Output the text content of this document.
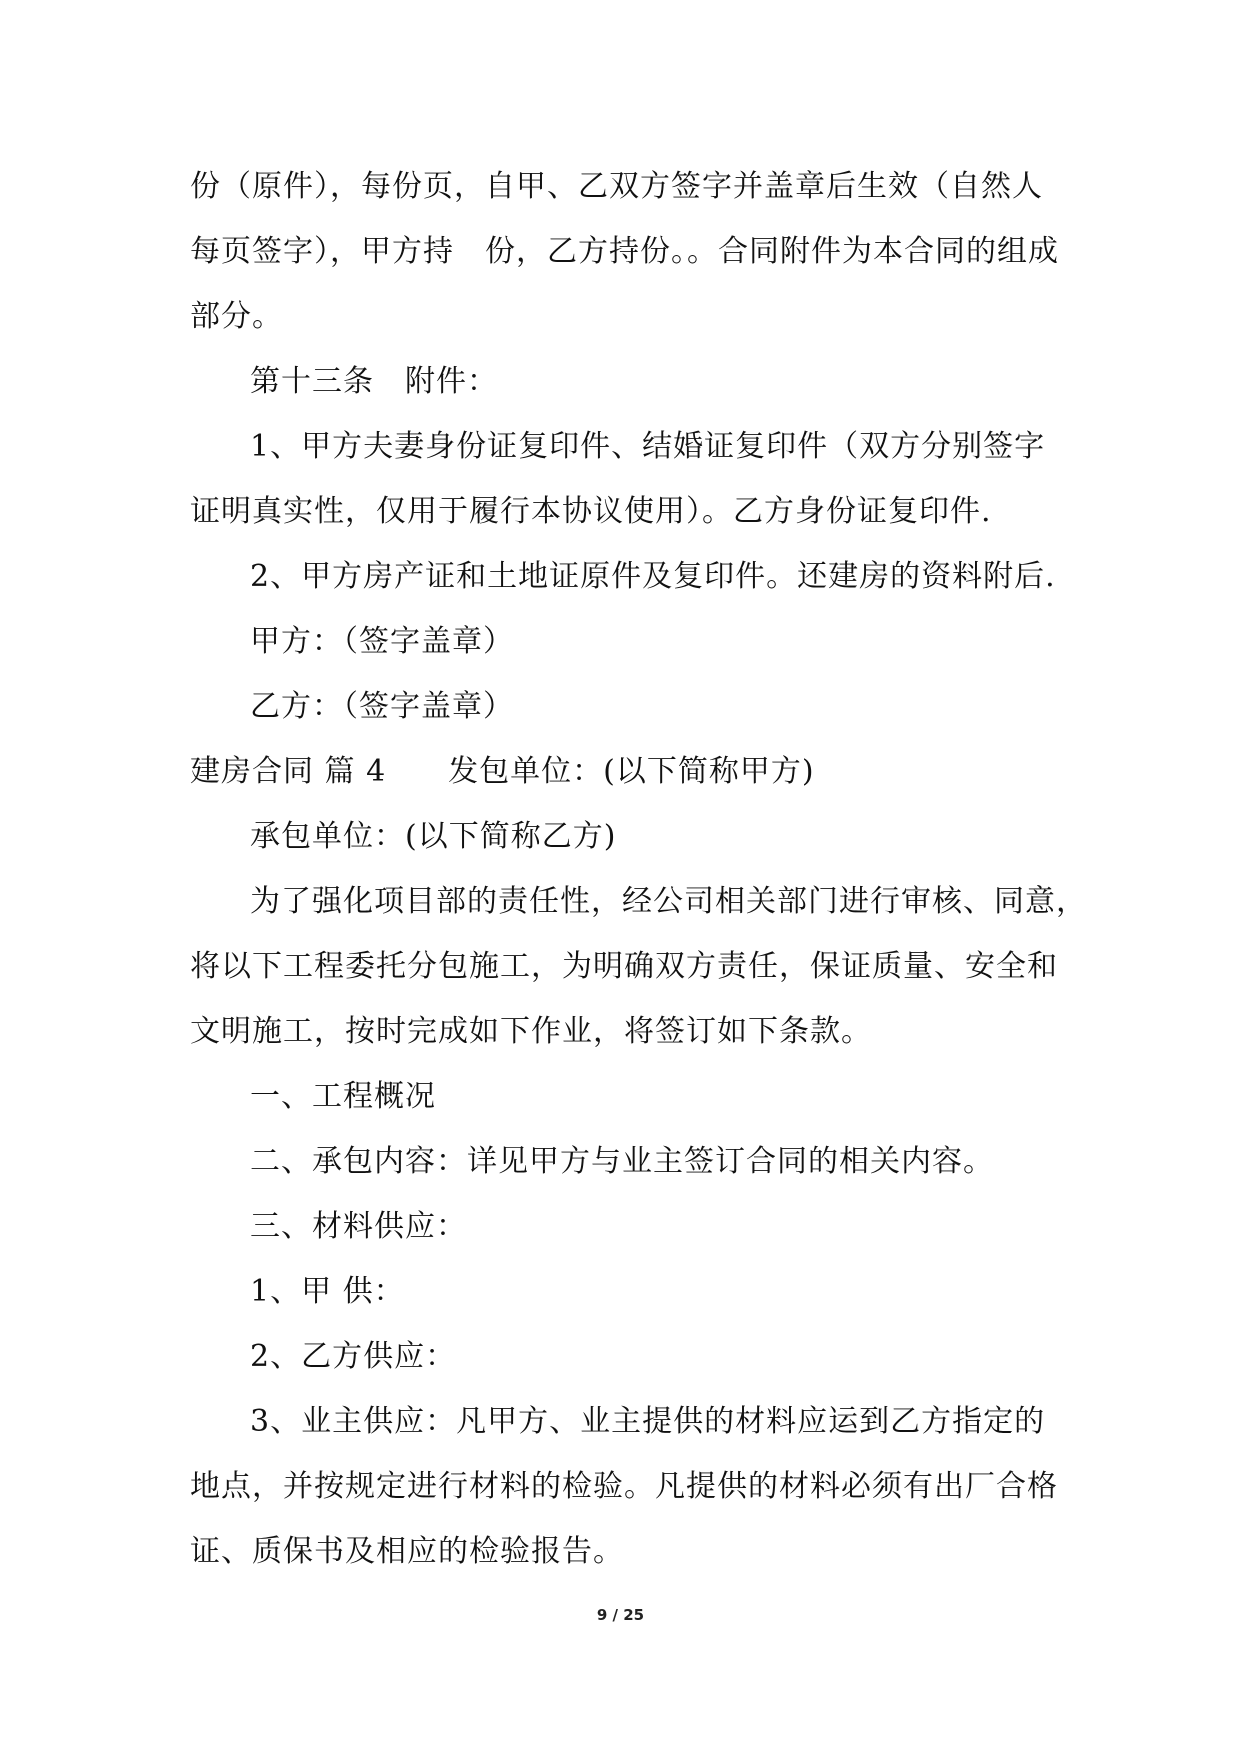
份（原件），每份页，自甲、乙双方签字并盖章后生效（自然人
每页签字），甲方持　份，乙方持份。。合同附件为本合同的组成
部分。
第十三条　附件：
1、甲方夫妻身份证复印件、结婚证复印件（双方分别签字
证明真实性，仅用于履行本协议使用）。乙方身份证复印件.
2、甲方房产证和土地证原件及复印件。还建房的资料附后.
甲方：（签字盖章）
乙方：（签字盖章）
建房合同 篇 4　　发包单位：(以下简称甲方)
承包单位：(以下简称乙方)
为了强化项目部的责任性，经公司相关部门进行审核、同意，
将以下工程委托分包施工，为明确双方责任，保证质量、安全和
文明施工，按时完成如下作业，将签订如下条款。
一、工程概况
二、承包内容：详见甲方与业主签订合同的相关内容。
三、材料供应：
1、甲 供：
2、乙方供应：
3、业主供应：凡甲方、业主提供的材料应运到乙方指定的
地点，并按规定进行材料的检验。凡提供的材料必须有出厂合格
证、质保书及相应的检验报告。
9 / 25
